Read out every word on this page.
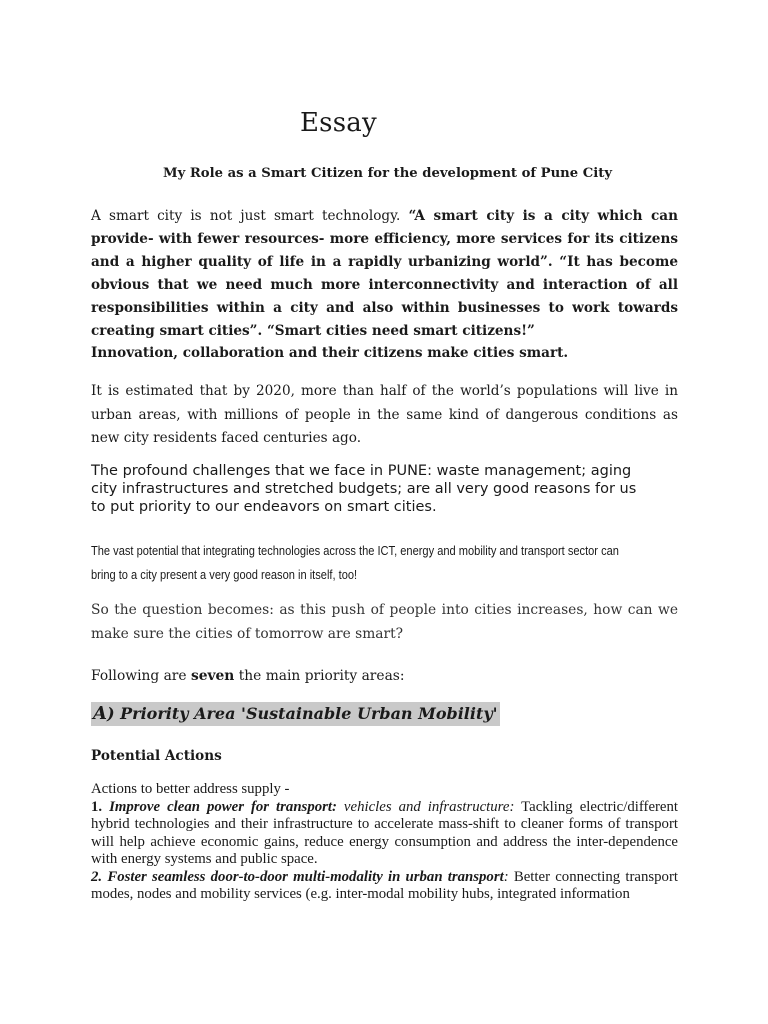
Essay
My Role as a Smart Citizen for the development of Pune City
A smart city is not just smart technology. “A smart city is a city which can provide- with fewer resources- more efficiency, more services for its citizens and a higher quality of life in a rapidly urbanizing world”. “It has become obvious that we need much more interconnectivity and interaction of all responsibilities within a city and also within businesses to work towards creating smart cities”. “Smart cities need smart citizens!”
Innovation, collaboration and their citizens make cities smart.
It is estimated that by 2020, more than half of the world’s populations will live in urban areas, with millions of people in the same kind of dangerous conditions as new city residents faced centuries ago.
The profound challenges that we face in PUNE: waste management; aging city infrastructures and stretched budgets; are all very good reasons for us to put priority to our endeavors on smart cities.
The vast potential that integrating technologies across the ICT, energy and mobility and transport sector can bring to a city present a very good reason in itself, too!
So the question becomes: as this push of people into cities increases, how can we make sure the cities of tomorrow are smart?
Following are seven the main priority areas:
A) Priority Area 'Sustainable Urban Mobility'
Potential Actions
Actions to better address supply -
1. Improve clean power for transport: vehicles and infrastructure: Tackling electric/different hybrid technologies and their infrastructure to accelerate mass-shift to cleaner forms of transport will help achieve economic gains, reduce energy consumption and address the inter-dependence with energy systems and public space.
2. Foster seamless door-to-door multi-modality in urban transport: Better connecting transport modes, nodes and mobility services (e.g. inter-modal mobility hubs, integrated information
